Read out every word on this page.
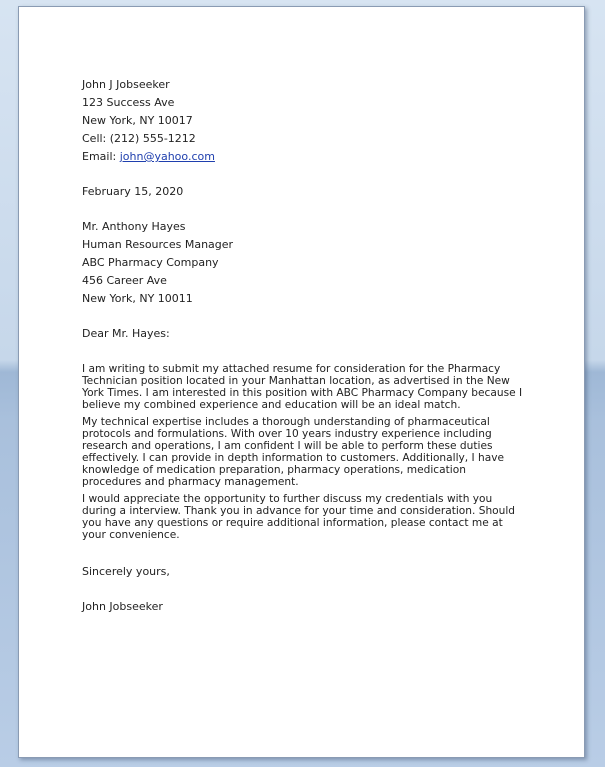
John J Jobseeker
123 Success Ave
New York, NY 10017
Cell: (212) 555-1212
Email: john@yahoo.com
February 15, 2020
Mr. Anthony Hayes
Human Resources Manager
ABC Pharmacy Company
456 Career Ave
New York, NY 10011
Dear Mr. Hayes:

I am writing to submit my attached resume for consideration for the Pharmacy Technician position located in your Manhattan location, as advertised in the New York Times. I am interested in this position with ABC Pharmacy Company because I believe my combined experience and education will be an ideal match.

My technical expertise includes a thorough understanding of pharmaceutical protocols and formulations. With over 10 years industry experience including research and operations, I am confident I will be able to perform these duties effectively. I can provide in depth information to customers. Additionally, I have knowledge of medication preparation, pharmacy operations, medication procedures and pharmacy management.

I would appreciate the opportunity to further discuss my credentials with you during a interview. Thank you in advance for your time and consideration. Should you have any questions or require additional information, please contact me at your convenience.

Sincerely yours,
John Jobseeker
